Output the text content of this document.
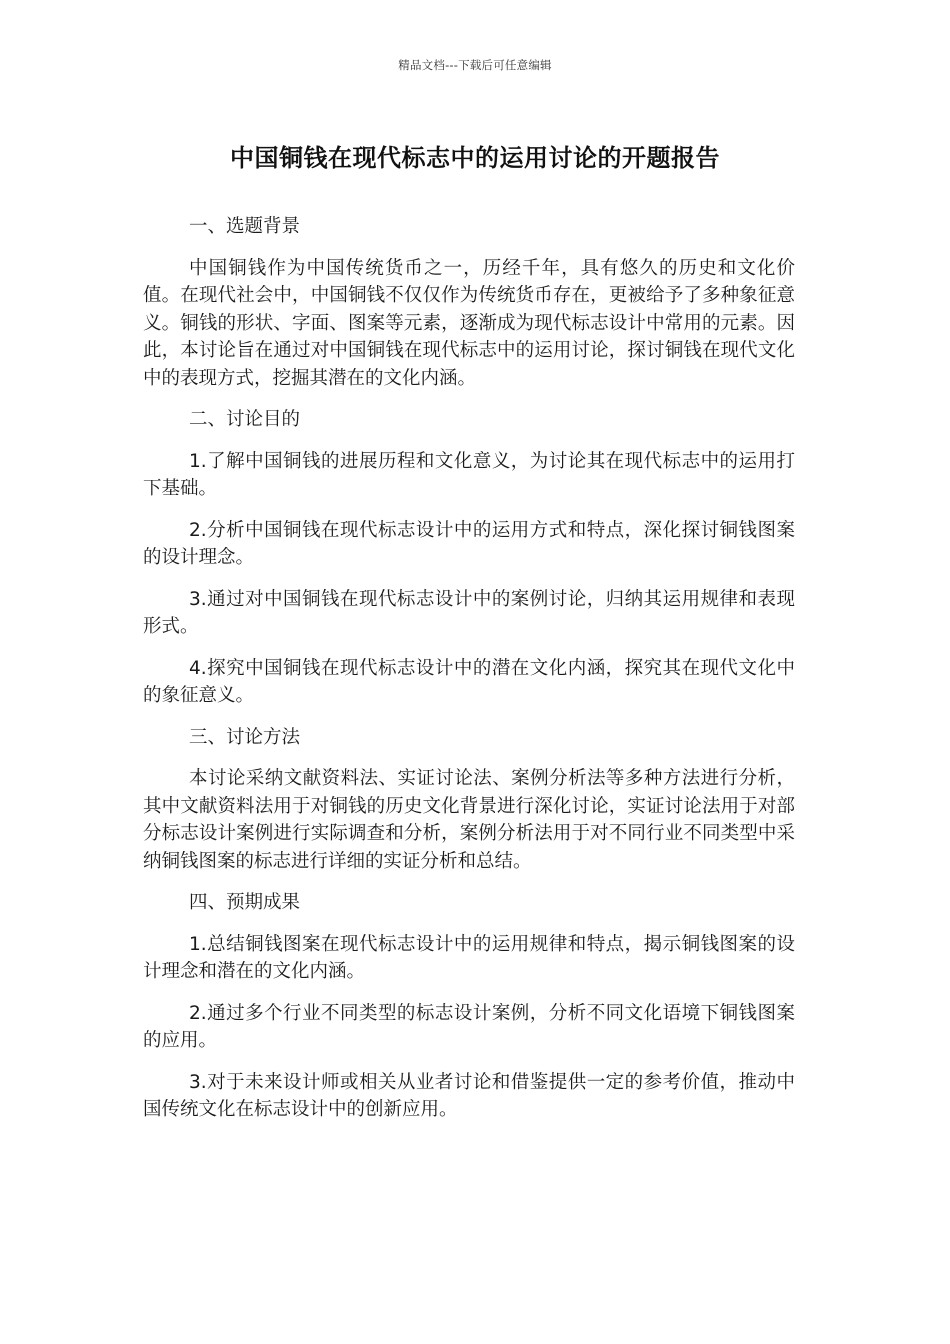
精品文档---下载后可任意编辑
中国铜钱在现代标志中的运用讨论的开题报告

一、选题背景

中国铜钱作为中国传统货币之一，历经千年，具有悠久的历史和文化价值。在现代社会中，中国铜钱不仅仅作为传统货币存在，更被给予了多种象征意义。铜钱的形状、字面、图案等元素，逐渐成为现代标志设计中常用的元素。因此，本讨论旨在通过对中国铜钱在现代标志中的运用讨论，探讨铜钱在现代文化中的表现方式，挖掘其潜在的文化内涵。

二、讨论目的

1.了解中国铜钱的进展历程和文化意义，为讨论其在现代标志中的运用打下基础。

2.分析中国铜钱在现代标志设计中的运用方式和特点，深化探讨铜钱图案的设计理念。

3.通过对中国铜钱在现代标志设计中的案例讨论，归纳其运用规律和表现形式。

4.探究中国铜钱在现代标志设计中的潜在文化内涵，探究其在现代文化中的象征意义。

三、讨论方法

本讨论采纳文献资料法、实证讨论法、案例分析法等多种方法进行分析，其中文献资料法用于对铜钱的历史文化背景进行深化讨论，实证讨论法用于对部分标志设计案例进行实际调查和分析，案例分析法用于对不同行业不同类型中采纳铜钱图案的标志进行详细的实证分析和总结。

四、预期成果

1.总结铜钱图案在现代标志设计中的运用规律和特点，揭示铜钱图案的设计理念和潜在的文化内涵。

2.通过多个行业不同类型的标志设计案例，分析不同文化语境下铜钱图案的应用。

3.对于未来设计师或相关从业者讨论和借鉴提供一定的参考价值，推动中国传统文化在标志设计中的创新应用。
